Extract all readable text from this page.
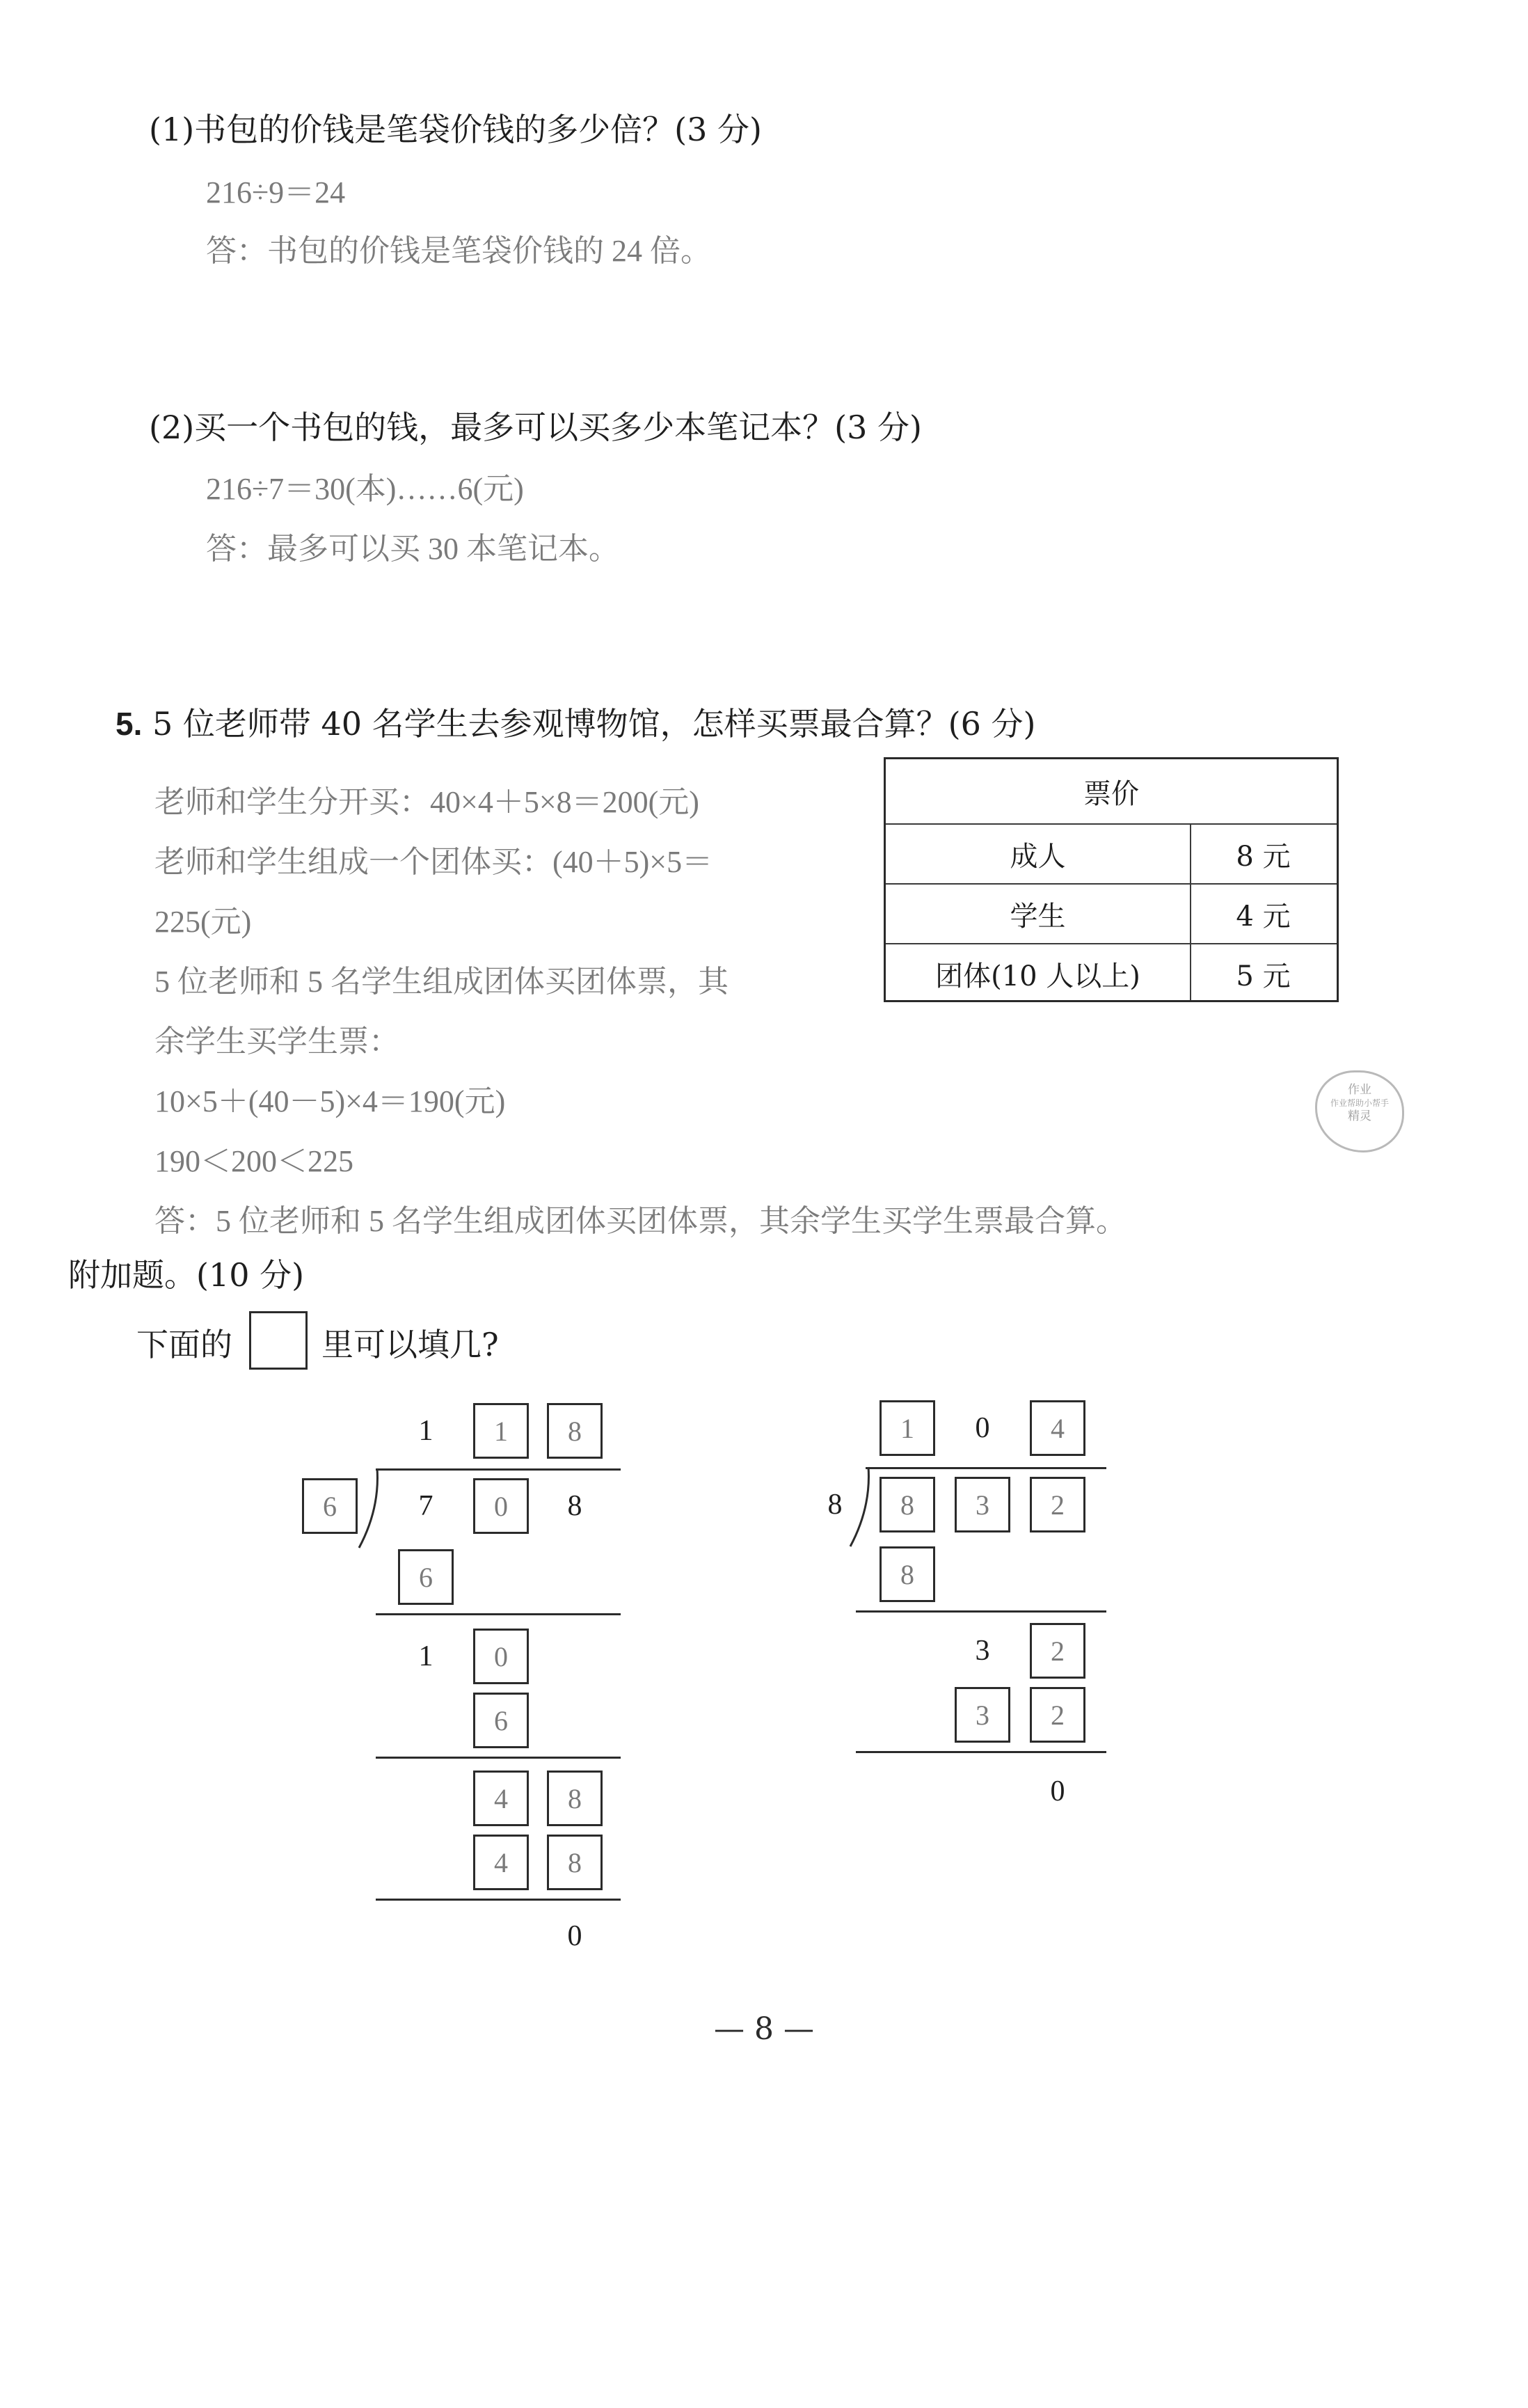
(1)书包的价钱是笔袋价钱的多少倍？(3 分)
216÷9＝24
答：书包的价钱是笔袋价钱的 24 倍。
(2)买一个书包的钱，最多可以买多少本笔记本？(3 分)
216÷7＝30(本)……6(元)
答：最多可以买 30 本笔记本。
5. 5 位老师带 40 名学生去参观博物馆，怎样买票最合算？(6 分)
老师和学生分开买：40×4＋5×8＝200(元)
老师和学生组成一个团体买：(40＋5)×5＝
225(元)
5 位老师和 5 名学生组成团体买团体票，其
余学生买学生票：
10×5＋(40－5)×4＝190(元)
190＜200＜225
答：5 位老师和 5 名学生组成团体买团体票，其余学生买学生票最合算。
票价
成人	8 元
学生	4 元
团体(10 人以上)	5 元
作业
作业帮助小帮手
精灵
附加题。(10 分)
下面的	里可以填几?
1	1	8
6	7	0	8
6
1	0
6
4	8
4	8
0
1	0	4
8	8	3	2
8
3	2
3	2
0
— 8 —
